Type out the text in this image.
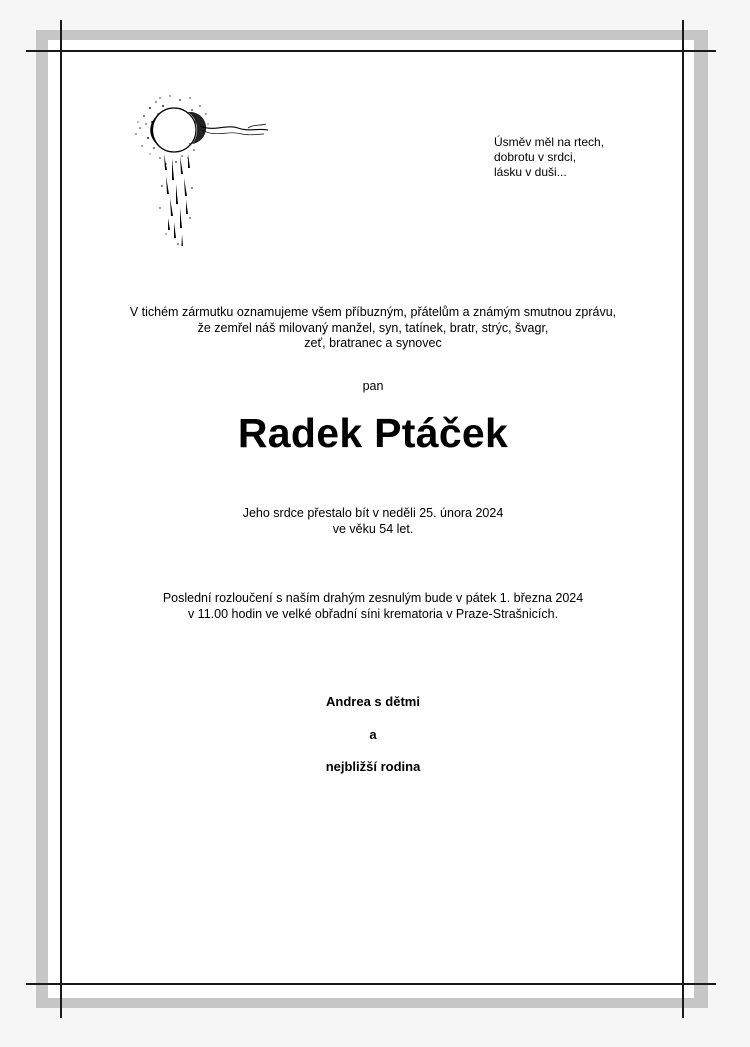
Úsměv měl na rtech,
dobrotu v srdci,
lásku v duši...
V tichém zármutku oznamujeme všem příbuzným, přátelům a známým smutnou zprávu,
že zemřel náš milovaný manžel, syn, tatínek, bratr, strýc, švagr,
zeť, bratranec a synovec
pan
Radek Ptáček
Jeho srdce přestalo bít v neděli 25. února 2024
ve věku 54 let.
Poslední rozloučení s naším drahým zesnulým bude v pátek 1. března 2024
v 11.00 hodin ve velké obřadní síni krematoria v Praze-Strašnicích.
Andrea s dětmi
a
nejbližší rodina
